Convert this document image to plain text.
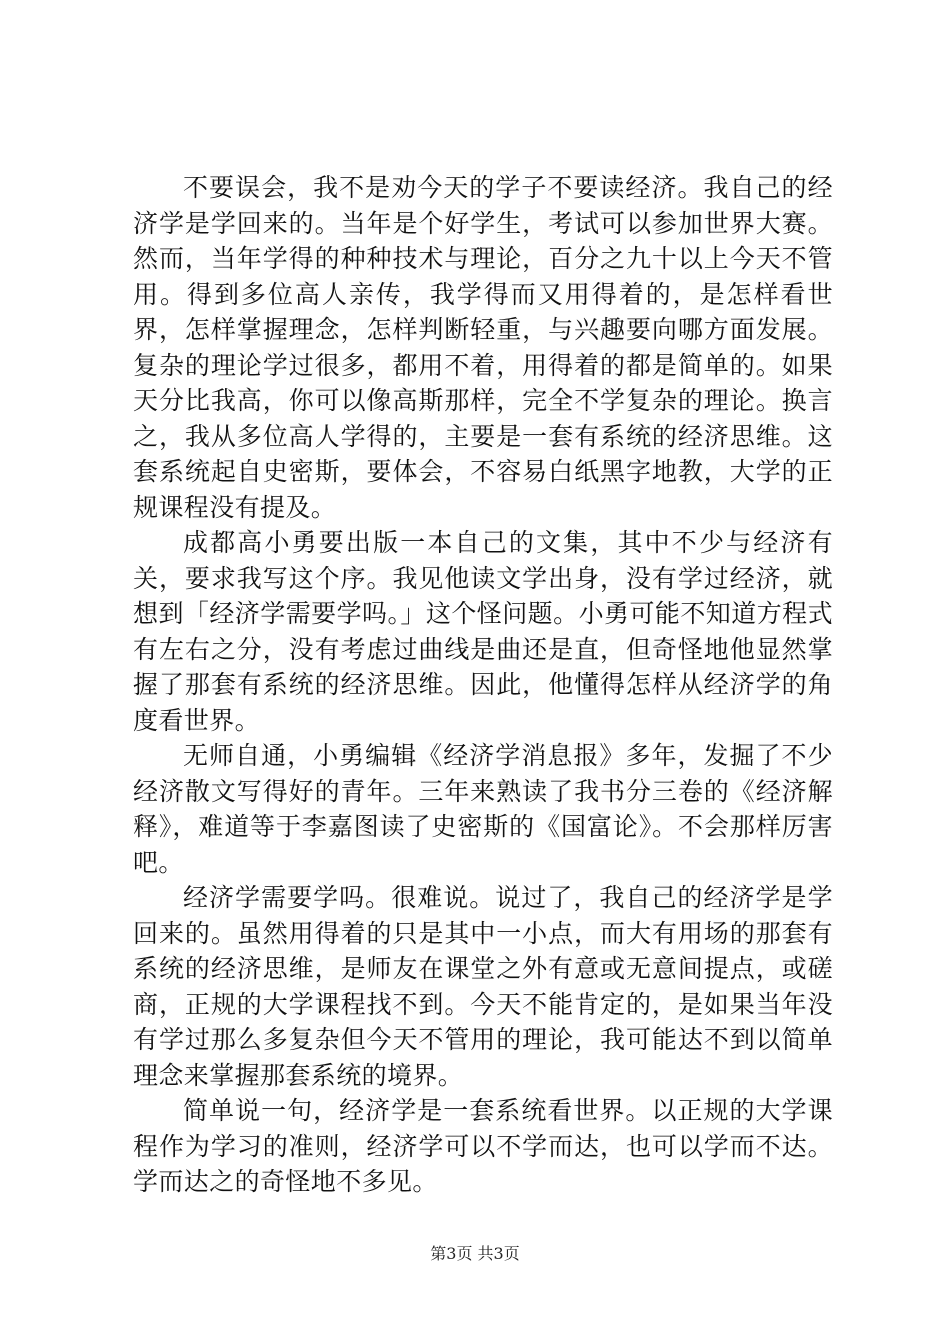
不要误会，我不是劝今天的学子不要读经济。我自己的经济学是学回来的。当年是个好学生，考试可以参加世界大赛。然而，当年学得的种种技术与理论，百分之九十以上今天不管用。得到多位高人亲传，我学得而又用得着的，是怎样看世界，怎样掌握理念，怎样判断轻重，与兴趣要向哪方面发展。复杂的理论学过很多，都用不着，用得着的都是简单的。如果天分比我高，你可以像高斯那样，完全不学复杂的理论。换言之，我从多位高人学得的，主要是一套有系统的经济思维。这套系统起自史密斯，要体会，不容易白纸黑字地教，大学的正规课程没有提及。

成都高小勇要出版一本自己的文集，其中不少与经济有关，要求我写这个序。我见他读文学出身，没有学过经济，就想到「经济学需要学吗。」这个怪问题。小勇可能不知道方程式有左右之分，没有考虑过曲线是曲还是直，但奇怪地他显然掌握了那套有系统的经济思维。因此，他懂得怎样从经济学的角度看世界。

无师自通，小勇编辑《经济学消息报》多年，发掘了不少经济散文写得好的青年。三年来熟读了我书分三卷的《经济解释》，难道等于李嘉图读了史密斯的《国富论》。不会那样厉害吧。

经济学需要学吗。很难说。说过了，我自己的经济学是学回来的。虽然用得着的只是其中一小点，而大有用场的那套有系统的经济思维，是师友在课堂之外有意或无意间提点，或磋商，正规的大学课程找不到。今天不能肯定的，是如果当年没有学过那么多复杂但今天不管用的理论，我可能达不到以简单理念来掌握那套系统的境界。

简单说一句，经济学是一套系统看世界。以正规的大学课程作为学习的准则，经济学可以不学而达，也可以学而不达。学而达之的奇怪地不多见。

第3页 共3页
